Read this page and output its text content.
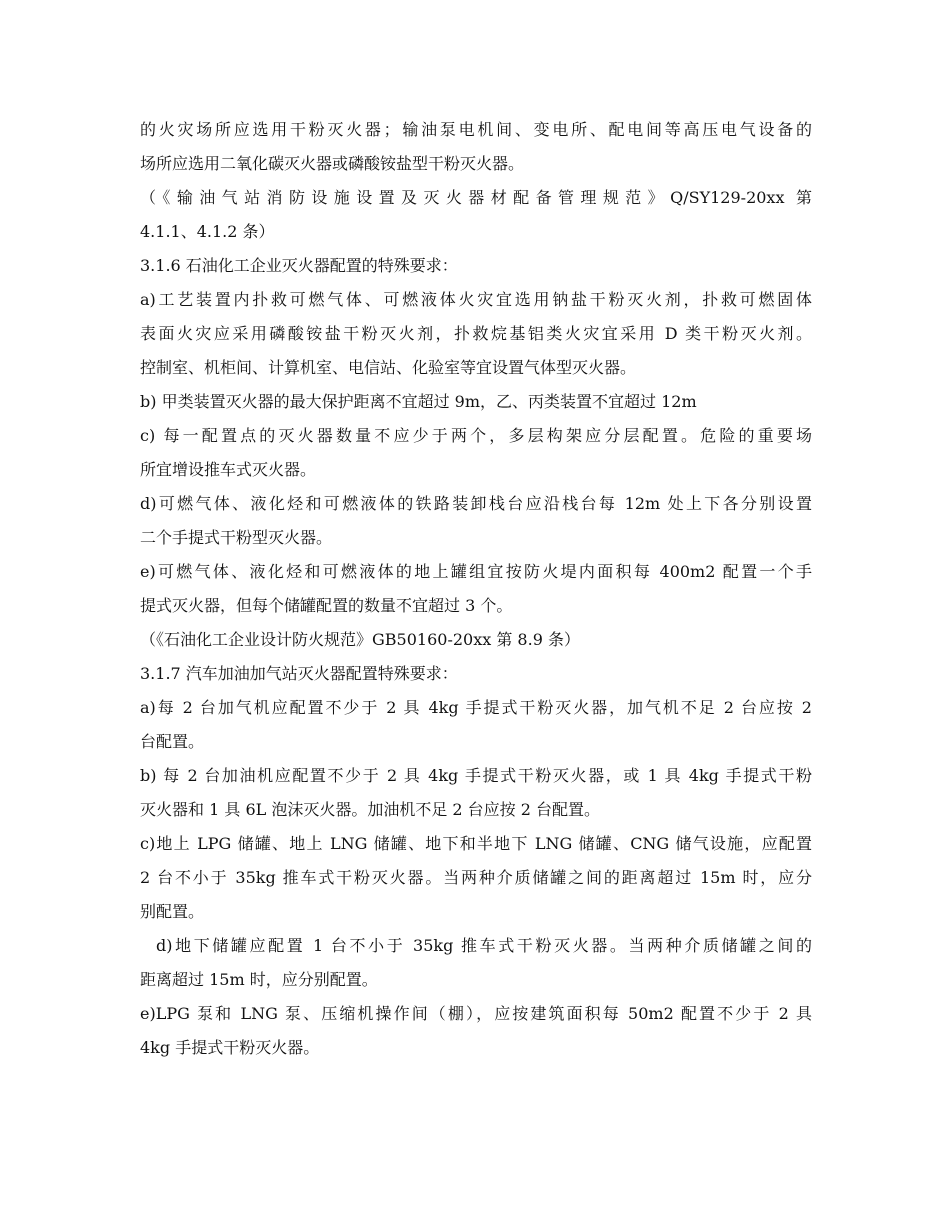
的火灾场所应选用干粉灭火器；输油泵电机间、变电所、配电间等高压电气设备的
场所应选用二氧化碳灭火器或磷酸铵盐型干粉灭火器。
（《输油气站消防设施设置及灭火器材配备管理规范》Q/SY129-20xx 第
4.1.1、4.1.2 条）
3.1.6 石油化工企业灭火器配置的特殊要求：
a)工艺装置内扑救可燃气体、可燃液体火灾宜选用钠盐干粉灭火剂，扑救可燃固体
表面火灾应采用磷酸铵盐干粉灭火剂，扑救烷基铝类火灾宜采用 D 类干粉灭火剂。
控制室、机柜间、计算机室、电信站、化验室等宜设置气体型灭火器。
b) 甲类装置灭火器的最大保护距离不宜超过 9m，乙、丙类装置不宜超过 12m
c) 每一配置点的灭火器数量不应少于两个，多层构架应分层配置。危险的重要场
所宜增设推车式灭火器。
d)可燃气体、液化烃和可燃液体的铁路装卸栈台应沿栈台每 12m 处上下各分别设置
二个手提式干粉型灭火器。
e)可燃气体、液化烃和可燃液体的地上罐组宜按防火堤内面积每 400m2 配置一个手
提式灭火器，但每个储罐配置的数量不宜超过 3 个。
（《石油化工企业设计防火规范》GB50160-20xx 第 8.9 条）
3.1.7 汽车加油加气站灭火器配置特殊要求：
a)每 2 台加气机应配置不少于 2 具 4kg 手提式干粉灭火器，加气机不足 2 台应按 2
台配置。
b) 每 2 台加油机应配置不少于 2 具 4kg 手提式干粉灭火器，或 1 具 4kg 手提式干粉
灭火器和 1 具 6L 泡沫灭火器。加油机不足 2 台应按 2 台配置。
c)地上 LPG 储罐、地上 LNG 储罐、地下和半地下 LNG 储罐、CNG 储气设施，应配置
2 台不小于 35kg 推车式干粉灭火器。当两种介质储罐之间的距离超过 15m 时，应分
别配置。
d)地下储罐应配置 1 台不小于 35kg 推车式干粉灭火器。当两种介质储罐之间的
距离超过 15m 时，应分别配置。
e)LPG 泵和 LNG 泵、压缩机操作间（棚），应按建筑面积每 50m2 配置不少于 2 具
4kg 手提式干粉灭火器。
